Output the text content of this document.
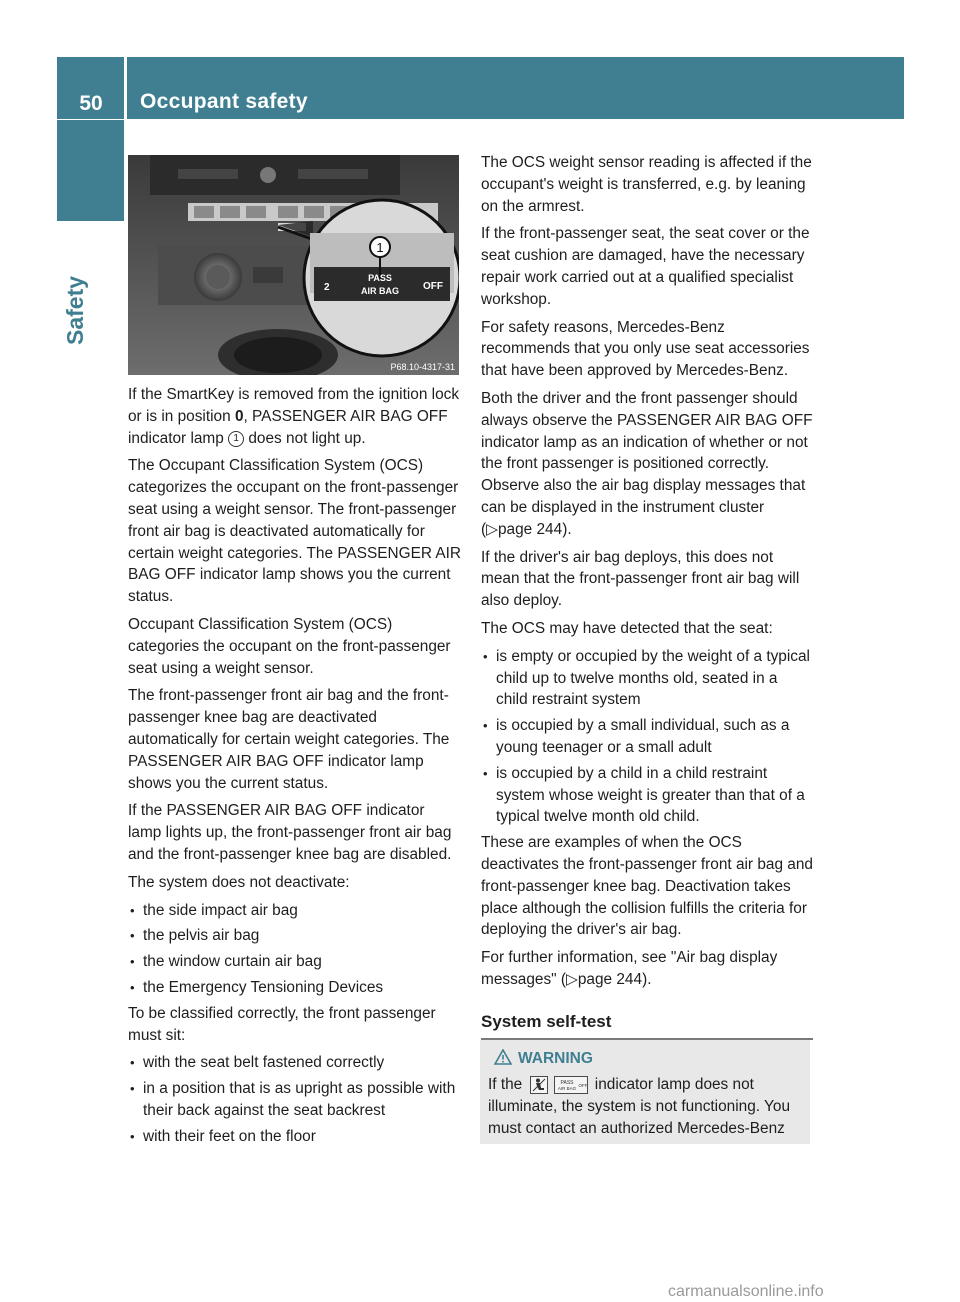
50	Occupant safety
Safety
1
2
PASS
AIR BAG OFF
P68.10-4317-31

If the SmartKey is removed from the ignition lock or is in position 0, PASSENGER AIR BAG OFF indicator lamp 1 does not light up.

The Occupant Classification System (OCS) categorizes the occupant on the front-passenger seat using a weight sensor. The front-passenger front air bag is deactivated automatically for certain weight categories. The PASSENGER AIR BAG OFF indicator lamp shows you the current status.

Occupant Classification System (OCS) categories the occupant on the front-passenger seat using a weight sensor.

The front-passenger front air bag and the front-passenger knee bag are deactivated automatically for certain weight categories. The PASSENGER AIR BAG OFF indicator lamp shows you the current status.

If the PASSENGER AIR BAG OFF indicator lamp lights up, the front-passenger front air bag and the front-passenger knee bag are disabled.

The system does not deactivate:

• the side impact air bag
• the pelvis air bag
• the window curtain air bag
• the Emergency Tensioning Devices

To be classified correctly, the front passenger must sit:

• with the seat belt fastened correctly
• in a position that is as upright as possible with their back against the seat backrest
• with their feet on the floor

The OCS weight sensor reading is affected if the occupant's weight is transferred, e.g. by leaning on the armrest.

If the front-passenger seat, the seat cover or the seat cushion are damaged, have the necessary repair work carried out at a qualified specialist workshop.

For safety reasons, Mercedes-Benz recommends that you only use seat accessories that have been approved by Mercedes-Benz.

Both the driver and the front passenger should always observe the PASSENGER AIR BAG OFF indicator lamp as an indication of whether or not the front passenger is positioned correctly. Observe also the air bag display messages that can be displayed in the instrument cluster (▷page 244).

If the driver's air bag deploys, this does not mean that the front-passenger front air bag will also deploy.

The OCS may have detected that the seat:

• is empty or occupied by the weight of a typical child up to twelve months old, seated in a child restraint system
• is occupied by a small individual, such as a young teenager or a small adult
• is occupied by a child in a child restraint system whose weight is greater than that of a typical twelve month old child.

These are examples of when the OCS deactivates the front-passenger front air bag and front-passenger knee bag. Deactivation takes place although the collision fulfills the criteria for deploying the driver's air bag.

For further information, see "Air bag display messages" (▷page 244).

System self-test
WARNING
If the	PASS
AIR BAG
OFF indicator lamp does not illuminate, the system is not functioning. You must contact an authorized Mercedes-Benz
carmanualsonline.info
